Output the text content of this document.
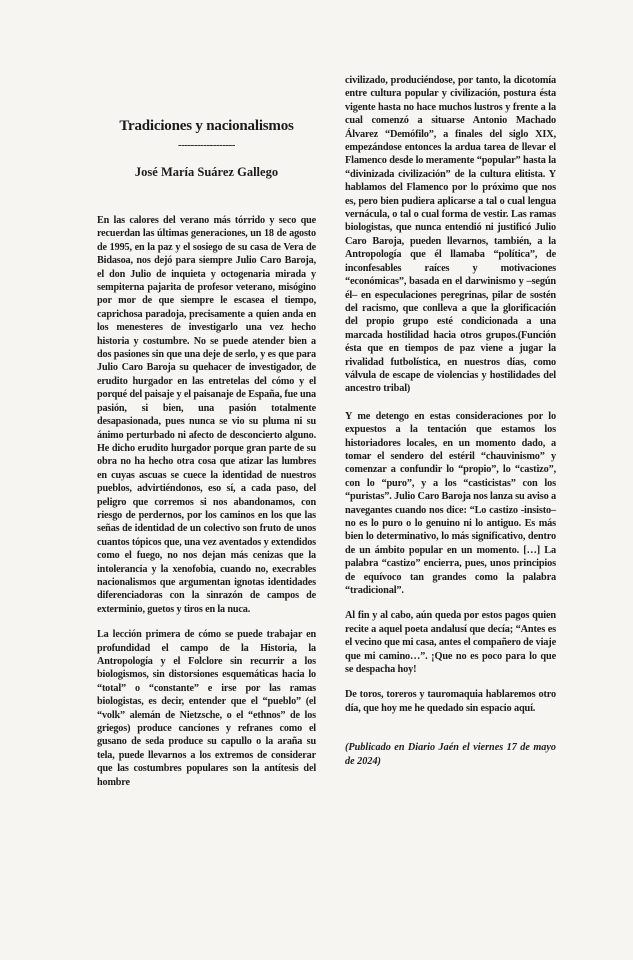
Tradiciones y nacionalismos
------------------
José María Suárez Gallego

En las calores del verano más tórrido y seco que recuerdan las últimas generaciones, un 18 de agosto de 1995, en la paz y el sosiego de su casa de Vera de Bidasoa, nos dejó para siempre Julio Caro Baroja, el don Julio de inquieta y octogenaria mirada y sempiterna pajarita de profesor veterano, misógino por mor de que siempre le escasea el tiempo, caprichosa paradoja, precisamente a quien anda en los menesteres de investigarlo una vez hecho historia y costumbre. No se puede atender bien a dos pasiones sin que una deje de serlo, y es que para Julio Caro Baroja su quehacer de investigador, de erudito hurgador en las entretelas del cómo y el porqué del paisaje y el paisanaje de España, fue una pasión, si bien, una pasión totalmente desapasionada, pues nunca se vio su pluma ni su ánimo perturbado ni afecto de desconcierto alguno. He dicho erudito hurgador porque gran parte de su obra no ha hecho otra cosa que atizar las lumbres en cuyas ascuas se cuece la identidad de nuestros pueblos, advirtiéndonos, eso sí, a cada paso, del peligro que corremos si nos abandonamos, con riesgo de perdernos, por los caminos en los que las señas de identidad de un colectivo son fruto de unos cuantos tópicos que, una vez aventados y extendidos como el fuego, no nos dejan más cenizas que la intolerancia y la xenofobia, cuando no, execrables nacionalismos que argumentan ignotas identidades diferenciadoras con la sinrazón de campos de exterminio, guetos y tiros en la nuca.

La lección primera de cómo se puede trabajar en profundidad el campo de la Historia, la Antropología y el Folclore sin recurrir a los biologismos, sin distorsiones esquemáticas hacia lo “total” o “constante” e irse por las ramas biologistas, es decir, entender que el “pueblo” (el “volk” alemán de Nietzsche, o el “ethnos” de los griegos) produce canciones y refranes como el gusano de seda produce su capullo o la araña su tela, puede llevarnos a los extremos de considerar que las costumbres populares son la antítesis del hombre

civilizado, produciéndose, por tanto, la dicotomía entre cultura popular y civilización, postura ésta vigente hasta no hace muchos lustros y frente a la cual comenzó a situarse Antonio Machado Álvarez “Demófilo”, a finales del siglo XIX, empezándose entonces la ardua tarea de llevar el Flamenco desde lo meramente “popular” hasta la “divinizada civilización” de la cultura elitista. Y hablamos del Flamenco por lo próximo que nos es, pero bien pudiera aplicarse a tal o cual lengua vernácula, o tal o cual forma de vestir. Las ramas biologistas, que nunca entendió ni justificó Julio Caro Baroja, pueden llevarnos, también, a la Antropología que él llamaba “política”, de inconfesables raíces y motivaciones “económicas”, basada en el darwinismo y –según él– en especulaciones peregrinas, pilar de sostén del racismo, que conlleva a que la glorificación del propio grupo esté condicionada a una marcada hostilidad hacia otros grupos.(Función ésta que en tiempos de paz viene a jugar la rivalidad futbolística, en nuestros días, como válvula de escape de violencias y hostilidades del ancestro tribal)

Y me detengo en estas consideraciones por lo expuestos a la tentación que estamos los historiadores locales, en un momento dado, a tomar el sendero del estéril “chauvinismo” y comenzar a confundir lo “propio”, lo “castizo”, con lo “puro”, y a los “casticistas” con los “puristas”. Julio Caro Baroja nos lanza su aviso a navegantes cuando nos dice: “Lo castizo -insisto– no es lo puro o lo genuino ni lo antiguo. Es más bien lo determinativo, lo más significativo, dentro de un ámbito popular en un momento. […] La palabra “castizo” encierra, pues, unos principios de equívoco tan grandes como la palabra “tradicional”.

Al fin y al cabo, aún queda por estos pagos quien recite a aquel poeta andalusí que decía; “Antes es el vecino que mi casa, antes el compañero de viaje que mi camino…”. ¡Que no es poco para lo que se despacha hoy!

De toros, toreros y tauromaquia hablaremos otro día, que hoy me he quedado sin espacio aquí.

(Publicado en Diario Jaén el viernes 17 de mayo de 2024)
